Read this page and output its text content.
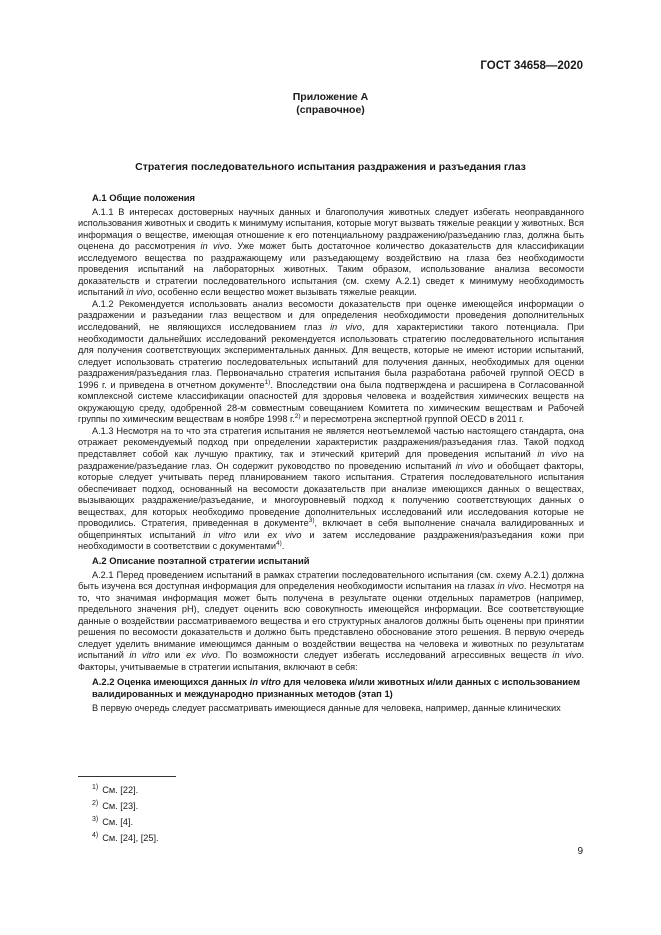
ГОСТ 34658—2020
Приложение А
(справочное)
Стратегия последовательного испытания раздражения и разъедания глаз
А.1 Общие положения

А.1.1 В интересах достоверных научных данных и благополучия животных следует избегать неоправданного использования животных и сводить к минимуму испытания, которые могут вызвать тяжелые реакции у животных. Вся информация о веществе, имеющая отношение к его потенциальному раздражению/разъеданию глаз, должна быть оценена до рассмотрения in vivo. Уже может быть достаточное количество доказательств для классификации исследуемого вещества по раздражающему или разъедающему воздействию на глаза без необходимости проведения испытаний на лабораторных животных. Таким образом, использование анализа весомости доказательств и стратегии последовательного испытания (см. схему А.2.1) сведет к минимуму необходимость испытаний in vivo, особенно если вещество может вызывать тяжелые реакции.

А.1.2 Рекомендуется использовать анализ весомости доказательств при оценке имеющейся информации о раздражении и разъедании глаз веществом и для определения необходимости проведения дополнительных исследований, не являющихся исследованием глаз in vivo, для характеристики такого потенциала. При необходимости дальнейших исследований рекомендуется использовать стратегию последовательного испытания для получения соответствующих экспериментальных данных. Для веществ, которые не имеют истории испытаний, следует использовать стратегию последовательных испытаний для получения данных, необходимых для оценки раздражения/разъедания глаз. Первоначально стратегия испытания была разработана рабочей группой OECD в 1996 г. и приведена в отчетном документе$^{1)}$. Впоследствии она была подтверждена и расширена в Согласованной комплексной системе классификации опасностей для здоровья человека и воздействия химических веществ на окружающую среду, одобренной 28-м совместным совещанием Комитета по химическим веществам и Рабочей группы по химическим веществам в ноябре 1998 г.$^{2)}$ и пересмотрена экспертной группой OECD в 2011 г.

А.1.3 Несмотря на то что эта стратегия испытания не является неотъемлемой частью настоящего стандарта, она отражает рекомендуемый подход при определении характеристик раздражения/разъедания глаз. Такой подход представляет собой как лучшую практику, так и этический критерий для проведения испытаний in vivo на раздражение/разъедание глаз. Он содержит руководство по проведению испытаний in vivo и обобщает факторы, которые следует учитывать перед планированием такого испытания. Стратегия последовательного испытания обеспечивает подход, основанный на весомости доказательств при анализе имеющихся данных о веществах, вызывающих раздражение/разъедание, и многоуровневый подход к получению соответствующих данных о веществах, для которых необходимо проведение дополнительных исследований или исследования которые не проводились. Стратегия, приведенная в документе$^{3)}$, включает в себя выполнение сначала валидированных и общепринятых испытаний in vitro или ex vivo и затем исследование раздражения/разъедания кожи при необходимости в соответствии с документами$^{4)}$.

А.2 Описание поэтапной стратегии испытаний

А.2.1 Перед проведением испытаний в рамках стратегии последовательного испытания (см. схему А.2.1) должна быть изучена вся доступная информация для определения необходимости испытания на глазах in vivo. Несмотря на то, что значимая информация может быть получена в результате оценки отдельных параметров (например, предельного значения pH), следует оценить всю совокупность имеющейся информации. Все соответствующие данные о воздействии рассматриваемого вещества и его структурных аналогов должны быть оценены при принятии решения по весомости доказательств и должно быть представлено обоснование этого решения. В первую очередь следует уделить внимание имеющимся данным о воздействии вещества на человека и животных по результатам испытаний in vitro или ex vivo. По возможности следует избегать исследований агрессивных веществ in vivo. Факторы, учитываемые в стратегии испытания, включают в себя:

А.2.2 Оценка имеющихся данных in vitro для человека и/или животных и/или данных с использованием валидированных и международно признанных методов (этап 1)

В первую очередь следует рассматривать имеющиеся данные для человека, например, данные клинических

1) См. [22].
2) См. [23].
3) См. [4].
4) См. [24], [25].
9
